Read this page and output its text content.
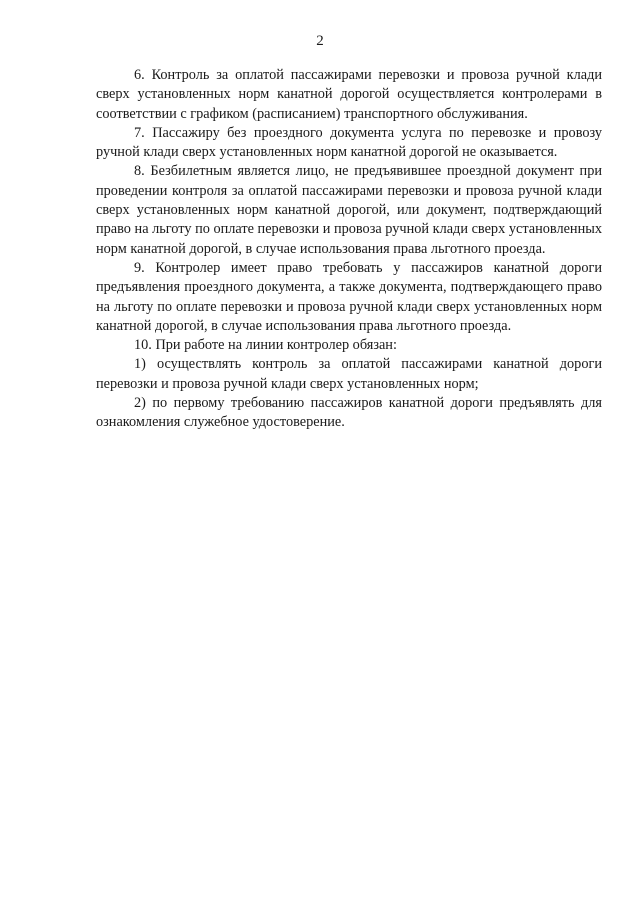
2

6. Контроль за оплатой пассажирами перевозки и провоза ручной клади сверх установленных норм канатной дорогой осуществляется контролерами в соответствии с графиком (расписанием) транспортного обслуживания.

7. Пассажиру без проездного документа услуга по перевозке и провозу ручной клади сверх установленных норм канатной дорогой не оказывается.

8. Безбилетным является лицо, не предъявившее проездной документ при проведении контроля за оплатой пассажирами перевозки и провоза ручной клади сверх установленных норм канатной дорогой, или документ, подтверждающий право на льготу по оплате перевозки и провоза ручной клади сверх установленных норм канатной дорогой, в случае использования права льготного проезда.

9. Контролер имеет право требовать у пассажиров канатной дороги предъявления проездного документа, а также документа, подтверждающего право на льготу по оплате перевозки и провоза ручной клади сверх установленных норм канатной дорогой, в случае использования права льготного проезда.

10. При работе на линии контролер обязан:

1) осуществлять контроль за оплатой пассажирами канатной дороги перевозки и провоза ручной клади сверх установленных норм;

2) по первому требованию пассажиров канатной дороги предъявлять для ознакомления служебное удостоверение.
